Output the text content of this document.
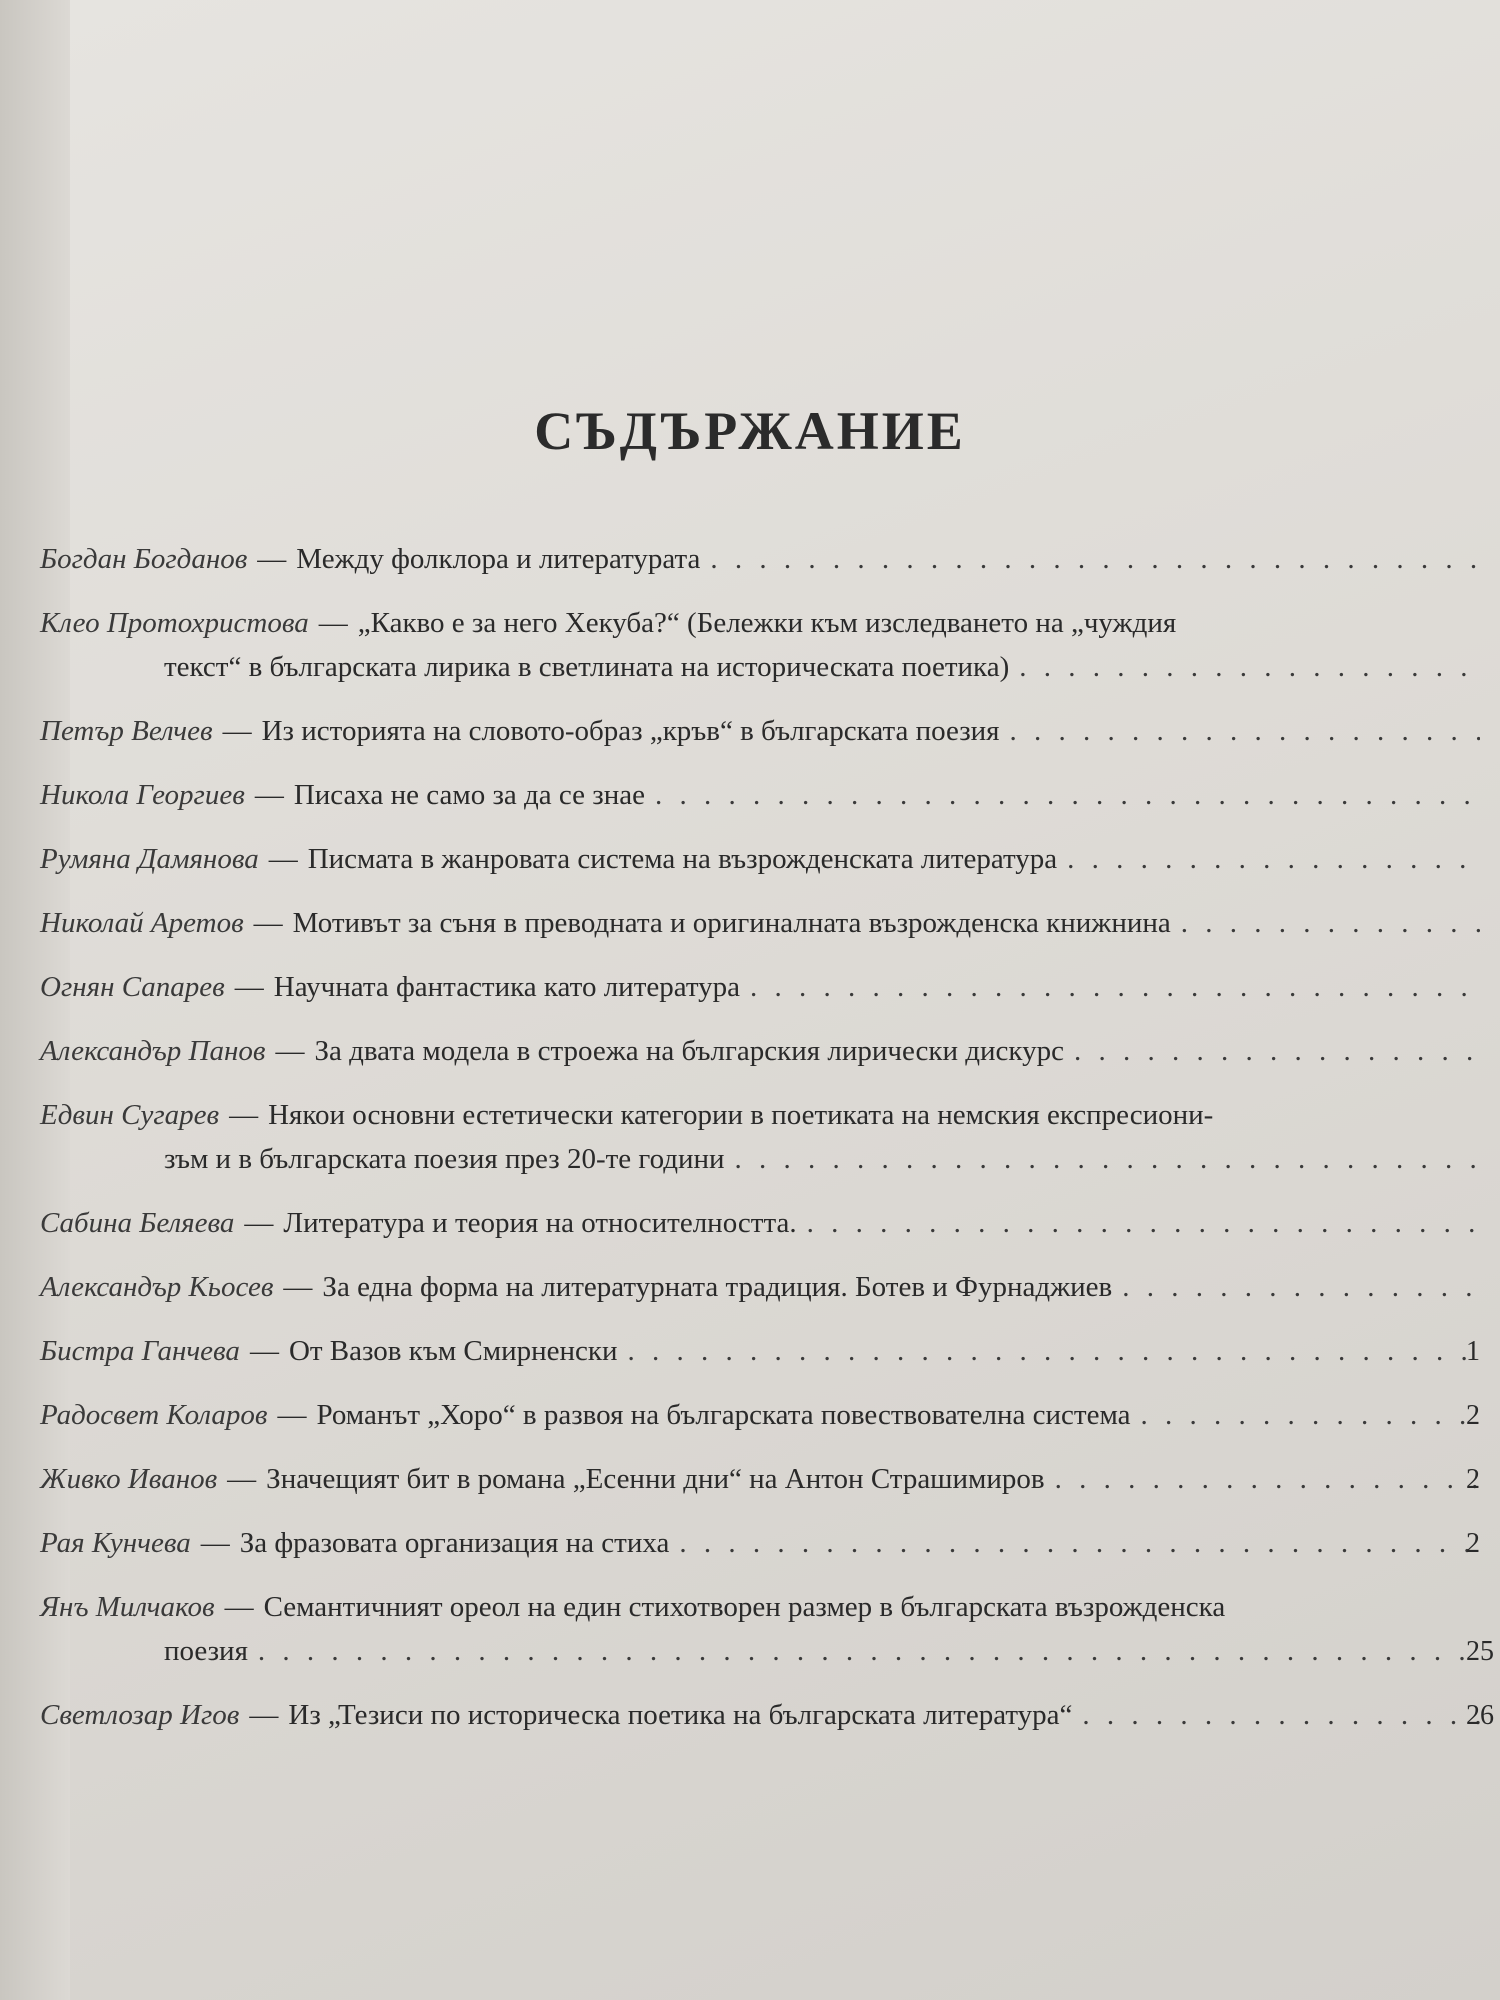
СЪДЪРЖАНИЕ
Богдан Богданов — Между фолклора и литературата
. . .
Клео Протохристова — „Какво е за него Хекуба?“ (Бележки към изследването на „чуждия
текст“ в българската лирика в светлината на историческата поетика)
. . .
Петър Велчев — Из историята на словото-образ „кръв“ в българската поезия
. . .
Никола Георгиев — Писаха не само за да се знае
. . .
Румяна Дамянова — Писмата в жанровата система на възрожденската литература
. . .
Николай Аретов — Мотивът за съня в преводната и оригиналната възрожденска книжнина
. . .
Огнян Сапарев — Научната фантастика като литература
. . .
Александър Панов — За двата модела в строежа на българския лирически дискурс
. . .
Едвин Сугарев — Някои основни естетически категории в поетиката на немския експресиони-
зъм и в българската поезия през 20-те години
. . .
Сабина Беляева — Литература и теория на относителността.
. . .
Александър Кьосев — За една форма на литературната традиция. Ботев и Фурнаджиев
. . .
Бистра Ганчева — От Вазов към Смирненски . . .	1
Радосвет Коларов — Романът „Хоро“ в развоя на българската повествователна система . . .	2
Живко Иванов — Значещият бит в романа „Есенни дни“ на Антон Страшимиров . . .	2
Рая Кунчева — За фразовата организация на стиха . . .	2
Янъ Милчаков — Семантичният ореол на един стихотворен размер в българската възрожденска
поезия . . .	25
Светлозар Игов — Из „Тезиси по историческа поетика на българската литература“ . . .	26
